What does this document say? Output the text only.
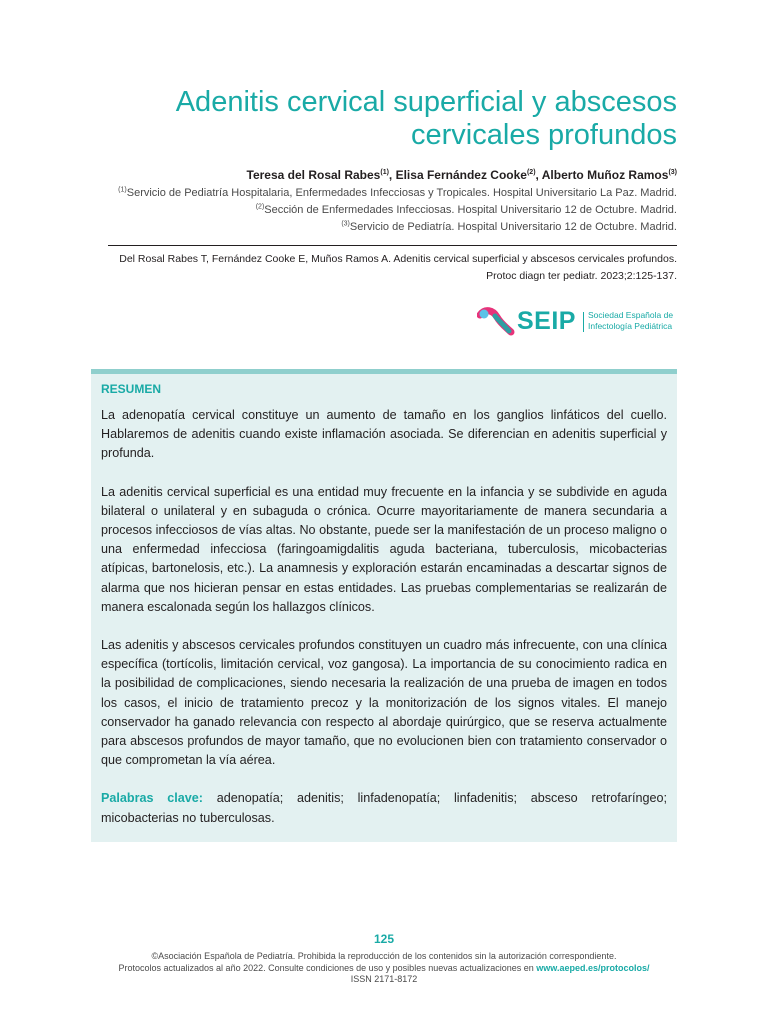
Adenitis cervical superficial y abscesos
cervicales profundos
Teresa del Rosal Rabes$^{(1)}$, Elisa Fernández Cooke$^{(2)}$, Alberto Muñoz Ramos$^{(3)}$
$^{(1)}$Servicio de Pediatría Hospitalaria, Enfermedades Infecciosas y Tropicales. Hospital Universitario La Paz. Madrid.
$^{(2)}$Sección de Enfermedades Infecciosas. Hospital Universitario 12 de Octubre. Madrid.
$^{(3)}$Servicio de Pediatría. Hospital Universitario 12 de Octubre. Madrid.
Del Rosal Rabes T, Fernández Cooke E, Muños Ramos A. Adenitis cervical superficial y abscesos cervicales profundos.
Protoc diagn ter pediatr. 2023;2:125-137.
SEIP Sociedad Española de
Infectología Pediátrica
RESUMEN

La adenopatía cervical constituye un aumento de tamaño en los ganglios linfáticos del cuello. Hablaremos de adenitis cuando existe inflamación asociada. Se diferencian en adenitis superficial y profunda.

La adenitis cervical superficial es una entidad muy frecuente en la infancia y se subdivide en aguda bilateral o unilateral y en subaguda o crónica. Ocurre mayoritariamente de manera secundaria a procesos infecciosos de vías altas. No obstante, puede ser la manifestación de un proceso maligno o una enfermedad infecciosa (faringoamigdalitis aguda bacteriana, tuberculosis, micobacterias atípicas, bartonelosis, etc.). La anamnesis y exploración estarán encaminadas a descartar signos de alarma que nos hicieran pensar en estas entidades. Las pruebas complementarias se realizarán de manera escalonada según los hallazgos clínicos.

Las adenitis y abscesos cervicales profundos constituyen un cuadro más infrecuente, con una clínica específica (tortícolis, limitación cervical, voz gangosa). La importancia de su conocimiento radica en la posibilidad de complicaciones, siendo necesaria la realización de una prueba de imagen en todos los casos, el inicio de tratamiento precoz y la monitorización de los signos vitales. El manejo conservador ha ganado relevancia con respecto al abordaje quirúrgico, que se reserva actualmente para abscesos profundos de mayor tamaño, que no evolucionen bien con tratamiento conservador o que comprometan la vía aérea.

Palabras clave: adenopatía; adenitis; linfadenopatía; linfadenitis; absceso retrofaríngeo; micobacterias no tuberculosas.

125
©Asociación Española de Pediatría. Prohibida la reproducción de los contenidos sin la autorización correspondiente.
Protocolos actualizados al año 2022. Consulte condiciones de uso y posibles nuevas actualizaciones en www.aeped.es/protocolos/
ISSN 2171-8172
